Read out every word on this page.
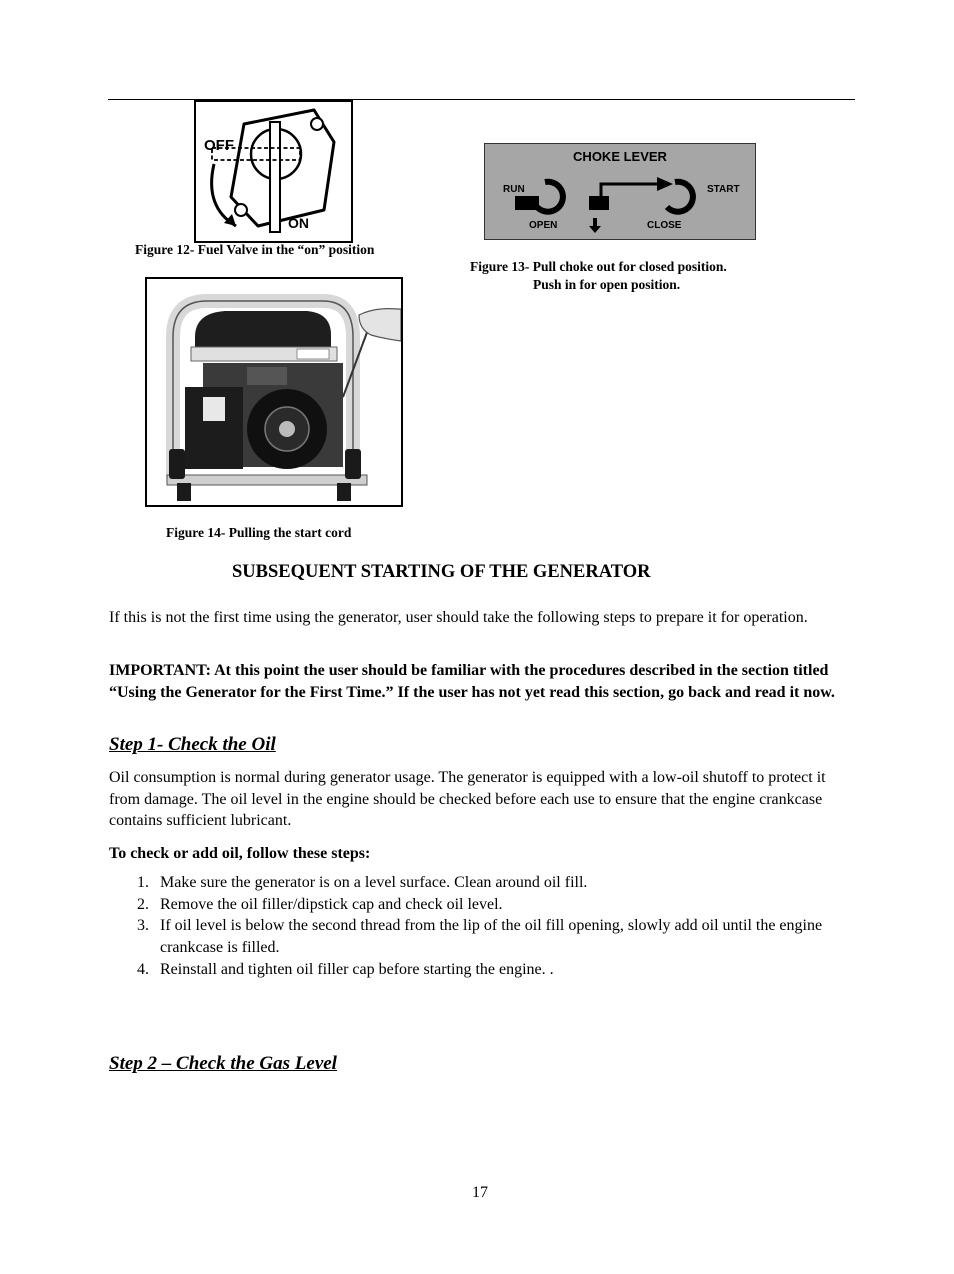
OFF
ON
Figure 12- Fuel Valve in the “on” position
CHOKE LEVER
RUN	START
OPEN	CLOSE
Figure 13- Pull choke out for closed position.
Push in for open position.
Figure 14- Pulling the start cord
SUBSEQUENT STARTING OF THE GENERATOR
If this is not the first time using the generator, user should take the following steps to prepare it for operation.
IMPORTANT: At this point the user should be familiar with the procedures described in the section titled “Using the Generator for the First Time.” If the user has not yet read this section, go back and read it now.
Step 1- Check the Oil
Oil consumption is normal during generator usage. The generator is equipped with a low-oil shutoff to protect it from damage. The oil level in the engine should be checked before each use to ensure that the engine crankcase contains sufficient lubricant.
To check or add oil, follow these steps:
1. Make sure the generator is on a level surface. Clean around oil fill.
2. Remove the oil filler/dipstick cap and check oil level.
3. If oil level is below the second thread from the lip of the oil fill opening, slowly add oil until the engine crankcase is filled.
4. Reinstall and tighten oil filler cap before starting the engine. .
Step 2 – Check the Gas Level
17
